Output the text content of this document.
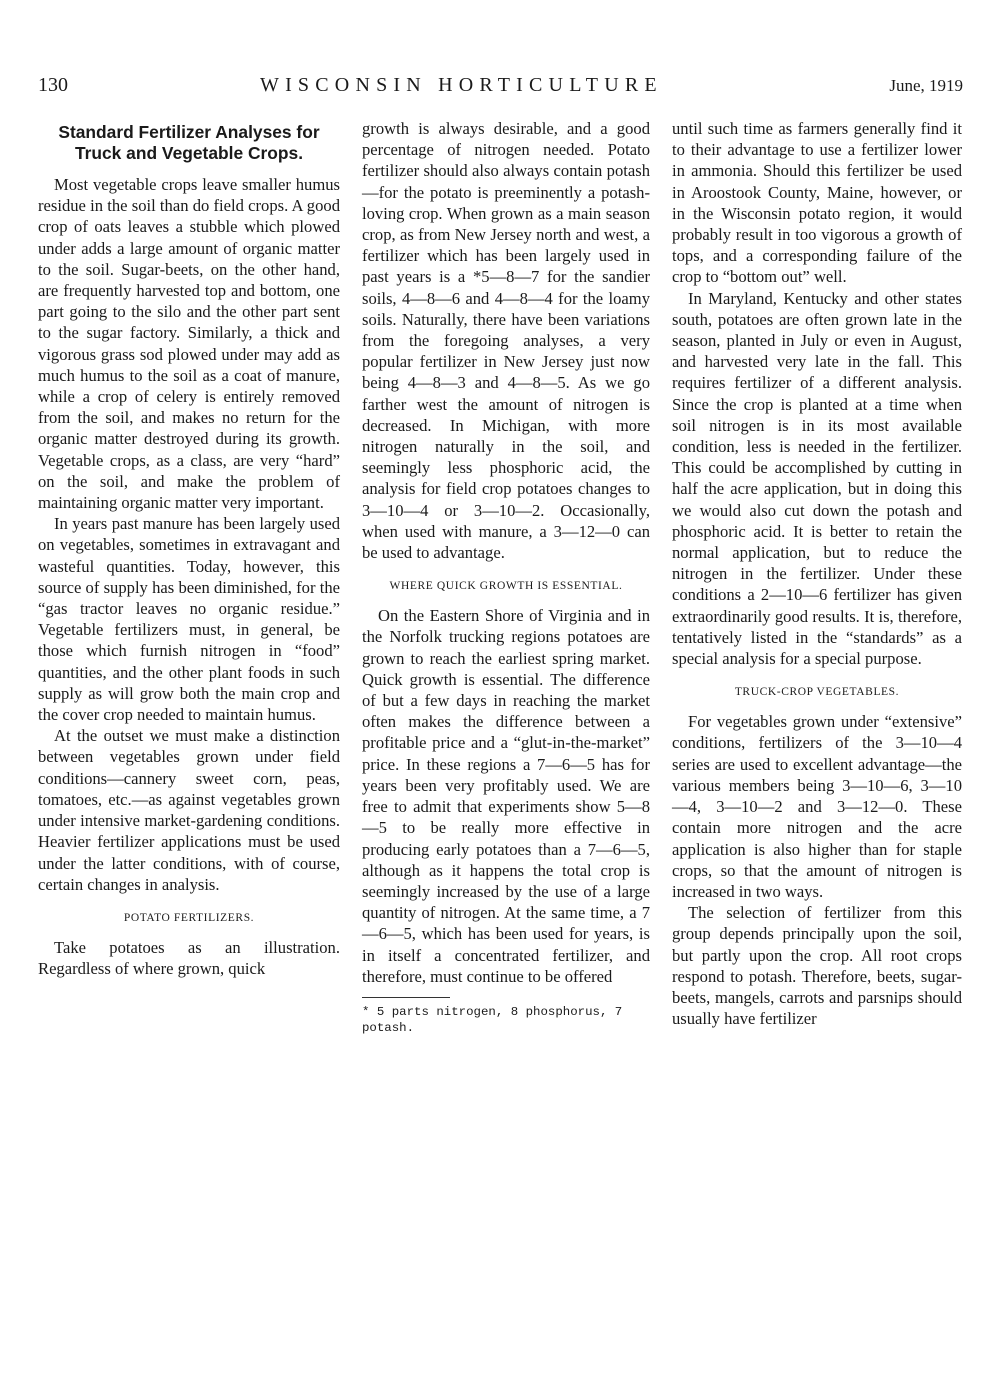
130	WISCONSIN HORTICULTURE	June, 1919
Standard Fertilizer Analyses for Truck and Vegetable Crops.

Most vegetable crops leave smaller humus residue in the soil than do field crops. A good crop of oats leaves a stubble which plowed under adds a large amount of organic matter to the soil. Sugar-beets, on the other hand, are frequently harvested top and bottom, one part going to the silo and the other part sent to the sugar factory. Similarly, a thick and vigorous grass sod plowed under may add as much humus to the soil as a coat of manure, while a crop of celery is entirely removed from the soil, and makes no return for the organic matter destroyed during its growth. Vegetable crops, as a class, are very “hard” on the soil, and make the problem of maintaining organic matter very important.

In years past manure has been largely used on vegetables, sometimes in extravagant and wasteful quantities. Today, however, this source of supply has been diminished, for the “gas tractor leaves no organic residue.” Vegetable fertilizers must, in general, be those which furnish nitrogen in “food” quantities, and the other plant foods in such supply as will grow both the main crop and the cover crop needed to maintain humus.

At the outset we must make a distinction between vegetables grown under field conditions—cannery sweet corn, peas, tomatoes, etc.—as against vegetables grown under intensive market-gardening conditions. Heavier fertilizer applications must be used under the latter conditions, with of course, certain changes in analysis.

POTATO FERTILIZERS.

Take potatoes as an illustration. Regardless of where grown, quick

growth is always desirable, and a good percentage of nitrogen needed. Potato fertilizer should also always contain potash—for the potato is preeminently a potash-loving crop. When grown as a main season crop, as from New Jersey north and west, a fertilizer which has been largely used in past years is a *5—8—7 for the sandier soils, 4—8—6 and 4—8—4 for the loamy soils. Naturally, there have been variations from the foregoing analyses, a very popular fertilizer in New Jersey just now being 4—8—3 and 4—8—5. As we go farther west the amount of nitrogen is decreased. In Michigan, with more nitrogen naturally in the soil, and seemingly less phosphoric acid, the analysis for field crop potatoes changes to 3—10—4 or 3—10—2. Occasionally, when used with manure, a 3—12—0 can be used to advantage.

WHERE QUICK GROWTH IS ESSENTIAL.

On the Eastern Shore of Virginia and in the Norfolk trucking regions potatoes are grown to reach the earliest spring market. Quick growth is essential. The difference of but a few days in reaching the market often makes the difference between a profitable price and a “glut-in-the-market” price. In these regions a 7—6—5 has for years been very profitably used. We are free to admit that experiments show 5—8—5 to be really more effective in producing early potatoes than a 7—6—5, although as it happens the total crop is seemingly increased by the use of a large quantity of nitrogen. At the same time, a 7—6—5, which has been used for years, is in itself a concentrated fertilizer, and therefore, must continue to be offered

* 5 parts nitrogen, 8 phosphorus, 7 potash.

until such time as farmers generally find it to their advantage to use a fertilizer lower in ammonia. Should this fertilizer be used in Aroostook County, Maine, however, or in the Wisconsin potato region, it would probably result in too vigorous a growth of tops, and a corresponding failure of the crop to “bottom out” well.

In Maryland, Kentucky and other states south, potatoes are often grown late in the season, planted in July or even in August, and harvested very late in the fall. This requires fertilizer of a different analysis. Since the crop is planted at a time when soil nitrogen is in its most available condition, less is needed in the fertilizer. This could be accomplished by cutting in half the acre application, but in doing this we would also cut down the potash and phosphoric acid. It is better to retain the normal application, but to reduce the nitrogen in the fertilizer. Under these conditions a 2—10—6 fertilizer has given extraordinarily good results. It is, therefore, tentatively listed in the “standards” as a special analysis for a special purpose.

TRUCK-CROP VEGETABLES.

For vegetables grown under “extensive” conditions, fertilizers of the 3—10—4 series are used to excellent advantage—the various members being 3—10—6, 3—10—4, 3—10—2 and 3—12—0. These contain more nitrogen and the acre application is also higher than for staple crops, so that the amount of nitrogen is increased in two ways.

The selection of fertilizer from this group depends principally upon the soil, but partly upon the crop. All root crops respond to potash. Therefore, beets, sugar-beets, mangels, carrots and parsnips should usually have fertilizer
